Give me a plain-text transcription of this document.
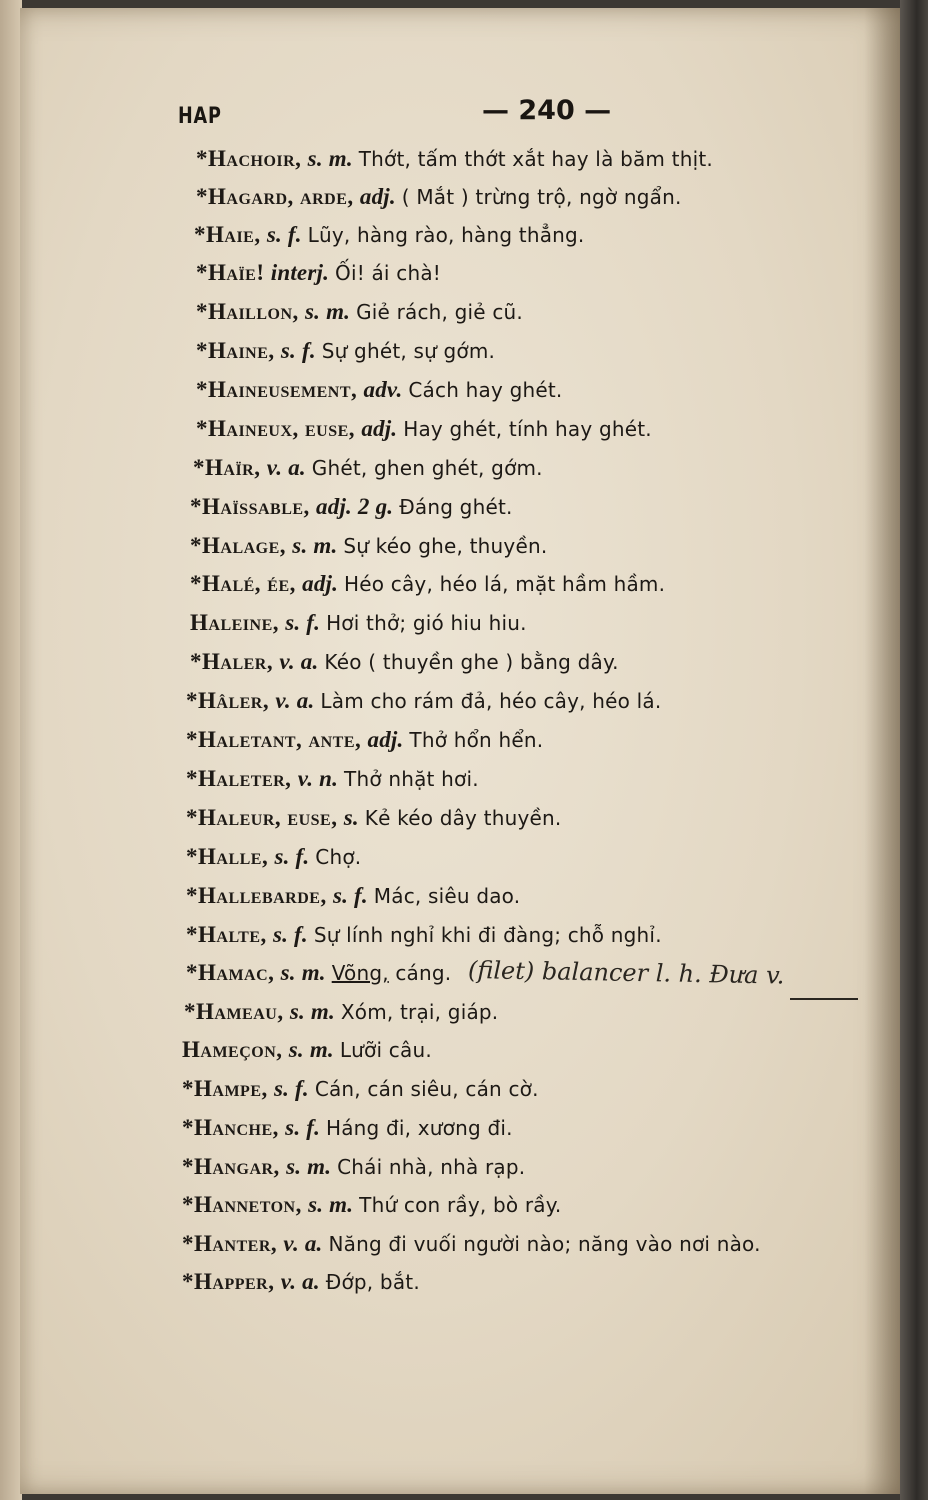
HAP	— 240 —
*Hachoir, s. m. Thớt, tấm thớt xắt hay là băm thịt.
*Hagard, arde, adj. ( Mắt ) trừng trộ, ngờ ngẩn.
*Haie, s. f. Lũy, hàng rào, hàng thẳng.
*Haïe! interj. Ối! ái chà!
*Haillon, s. m. Giẻ rách, giẻ cũ.
*Haine, s. f. Sự ghét, sự gớm.
*Haineusement, adv. Cách hay ghét.
*Haineux, euse, adj. Hay ghét, tính hay ghét.
*Haïr, v. a. Ghét, ghen ghét, gớm.
*Haïssable, adj. 2 g. Đáng ghét.
*Halage, s. m. Sự kéo ghe, thuyền.
*Halé, ée, adj. Héo cây, héo lá, mặt hầm hầm.
Haleine, s. f. Hơi thở; gió hiu hiu.
*Haler, v. a. Kéo ( thuyền ghe ) bằng dây.
*Hâler, v. a. Làm cho rám đả, héo cây, héo lá.
*Haletant, ante, adj. Thở hổn hển.
*Haleter, v. n. Thở nhặt hơi.
*Haleur, euse, s. Kẻ kéo dây thuyền.
*Halle, s. f. Chợ.
*Hallebarde, s. f. Mác, siêu dao.
*Halte, s. f. Sự lính nghỉ khi đi đàng; chỗ nghỉ.
*Hamac, s. m. Võng, cáng.
*Hameau, s. m. Xóm, trại, giáp.
Hameçon, s. m. Lưỡi câu.
*Hampe, s. f. Cán, cán siêu, cán cờ.
*Hanche, s. f. Háng đi, xương đi.
*Hangar, s. m. Chái nhà, nhà rạp.
*Hanneton, s. m. Thứ con rầy, bò rầy.
*Hanter, v. a. Năng đi vuối người nào; năng vào nơi nào.
*Happer, v. a. Đớp, bắt.
(filet) balancer l. h. Đưa v.
